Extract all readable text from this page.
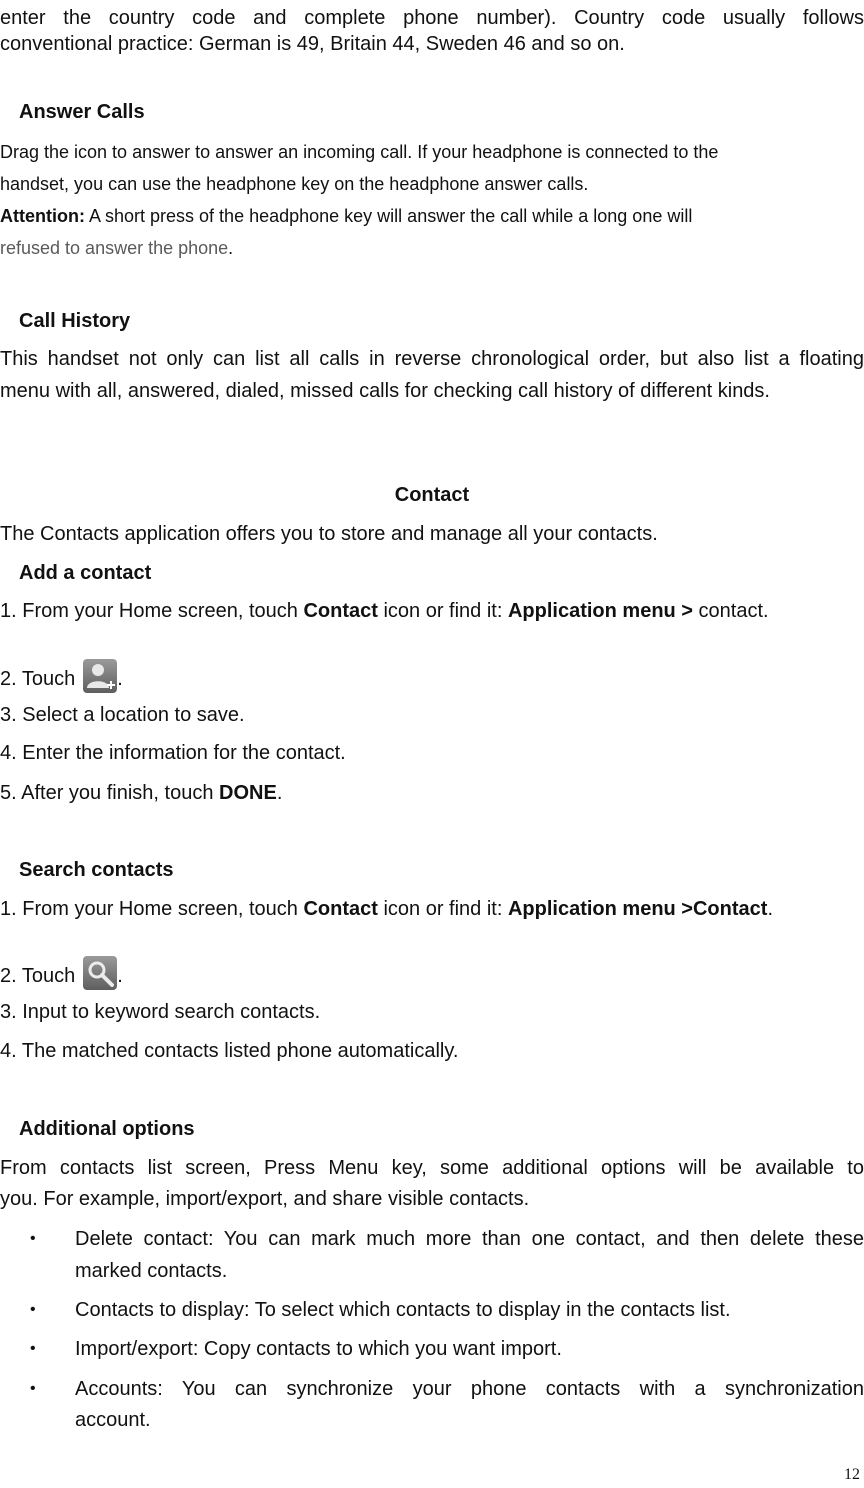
enter the country code and complete phone number). Country code usually follows
conventional practice: German is 49, Britain 44, Sweden 46 and so on.
Answer Calls
Drag the icon to answer to answer an incoming call. If your headphone is connected to the
handset, you can use the headphone key on the headphone answer calls.
Attention: A short press of the headphone key will answer the call while a long one will
refused to answer the phone.
Call History
This handset not only can list all calls in reverse chronological order, but also list a floating
menu with all, answered, dialed, missed calls for checking call history of different kinds.
Contact
The Contacts application offers you to store and manage all your contacts.
Add a contact
1. From your Home screen, touch Contact icon or find it: Application menu > contact.
2. Touch .
3. Select a location to save.
4. Enter the information for the contact.
5. After you finish, touch DONE.
Search contacts
1. From your Home screen, touch Contact icon or find it: Application menu >Contact.
2. Touch .
3. Input to keyword search contacts.
4. The matched contacts listed phone automatically.
Additional options
From contacts list screen, Press Menu key, some additional options will be available to
you. For example, import/export, and share visible contacts.
• Delete contact: You can mark much more than one contact, and then delete these
marked contacts.
• Contacts to display: To select which contacts to display in the contacts list.
• Import/export: Copy contacts to which you want import.
• Accounts: You can synchronize your phone contacts with a synchronization
account.
12
